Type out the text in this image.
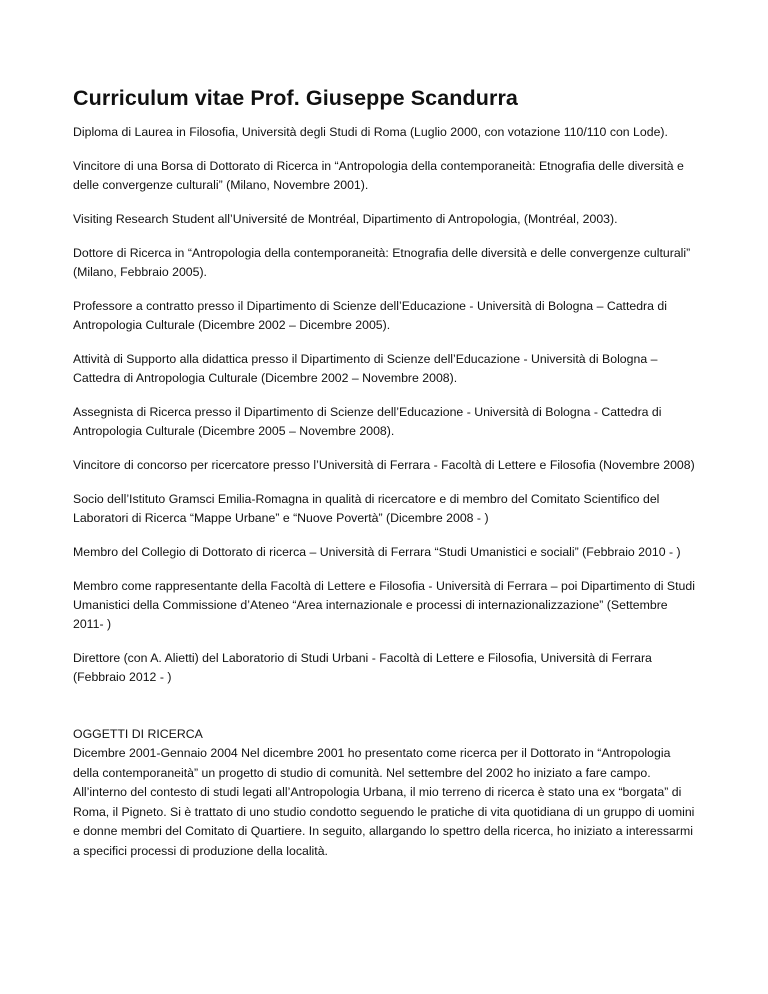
Curriculum vitae Prof. Giuseppe Scandurra

Diploma di Laurea in Filosofia, Università degli Studi di Roma (Luglio 2000, con votazione 110/110 con Lode).

Vincitore di una Borsa di Dottorato di Ricerca in “Antropologia della contemporaneità: Etnografia delle diversità e delle convergenze culturali” (Milano, Novembre 2001).

Visiting Research Student all’Université de Montréal, Dipartimento di Antropologia, (Montréal, 2003).

Dottore di Ricerca in “Antropologia della contemporaneità: Etnografia delle diversità e delle convergenze culturali” (Milano, Febbraio 2005).

Professore a contratto presso il Dipartimento di Scienze dell’Educazione - Università di Bologna – Cattedra di Antropologia Culturale (Dicembre 2002 – Dicembre 2005).

Attività di Supporto alla didattica presso il Dipartimento di Scienze dell’Educazione - Università di Bologna – Cattedra di Antropologia Culturale (Dicembre 2002 – Novembre 2008).

Assegnista di Ricerca presso il Dipartimento di Scienze dell’Educazione - Università di Bologna - Cattedra di Antropologia Culturale (Dicembre 2005 – Novembre 2008).

Vincitore di concorso per ricercatore presso l’Università di Ferrara - Facoltà di Lettere e Filosofia (Novembre 2008)

Socio dell’Istituto Gramsci Emilia-Romagna in qualità di ricercatore e di membro del Comitato Scientifico del Laboratori di Ricerca “Mappe Urbane” e “Nuove Povertà” (Dicembre 2008 - )

Membro del Collegio di Dottorato di ricerca – Università di Ferrara “Studi Umanistici e sociali” (Febbraio 2010 - )

Membro come rappresentante della Facoltà di Lettere e Filosofia - Università di Ferrara – poi Dipartimento di Studi Umanistici della Commissione d’Ateneo “Area internazionale e processi di internazionalizzazione” (Settembre 2011- )

Direttore (con A. Alietti) del Laboratorio di Studi Urbani - Facoltà di Lettere e Filosofia, Università di Ferrara (Febbraio 2012 - )

OGGETTI DI RICERCA

Dicembre 2001-Gennaio 2004 Nel dicembre 2001 ho presentato come ricerca per il Dottorato in “Antropologia della contemporaneità” un progetto di studio di comunità. Nel settembre del 2002 ho iniziato a fare campo. All’interno del contesto di studi legati all’Antropologia Urbana, il mio terreno di ricerca è stato una ex “borgata” di Roma, il Pigneto. Si è trattato di uno studio condotto seguendo le pratiche di vita quotidiana di un gruppo di uomini e donne membri del Comitato di Quartiere. In seguito, allargando lo spettro della ricerca, ho iniziato a interessarmi a specifici processi di produzione della località.
